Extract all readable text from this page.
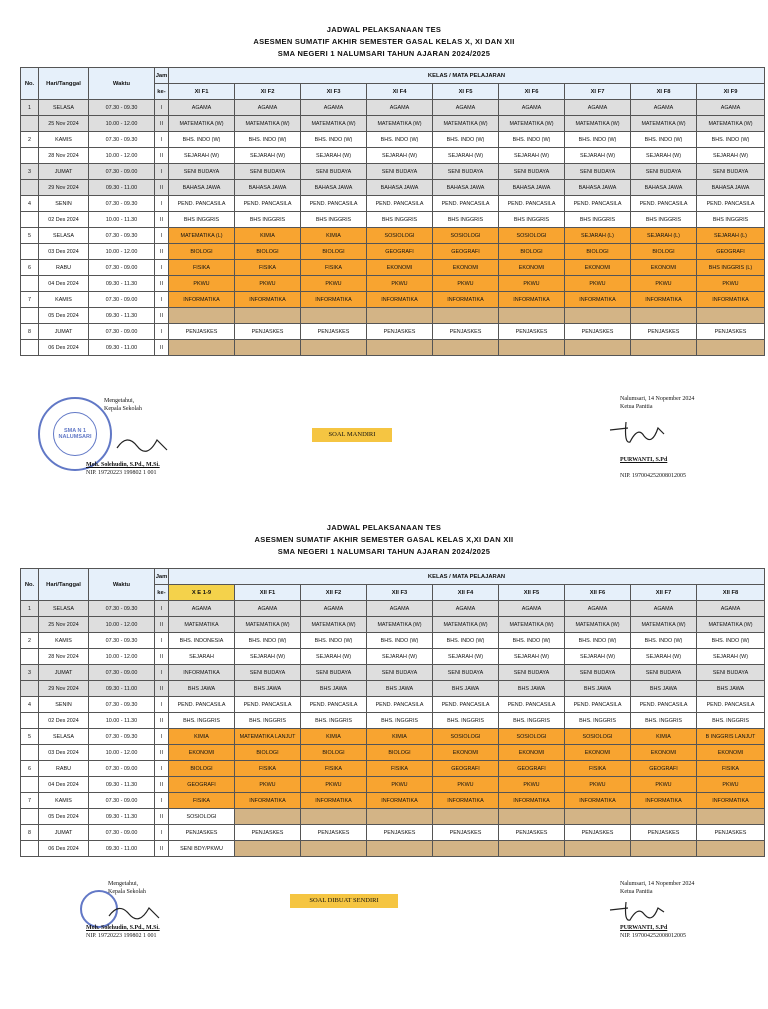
JADWAL PELAKSANAAN TES
ASESMEN SUMATIF AKHIR SEMESTER GASAL KELAS X, XI DAN XII
SMA NEGERI 1 NALUMSARI TAHUN AJARAN 2024/2025
No.	Hari/Tanggal	Waktu	Jam	KELAS / MATA PELAJARAN								
			ke-	XI F1	XI F2	XI F3	XI F4	XI F5	XI F6	XI F7	XI F8	XI F9
1	SELASA	07.30 - 09.30	I	AGAMA	AGAMA	AGAMA	AGAMA	AGAMA	AGAMA	AGAMA	AGAMA	AGAMA
	25 Nov 2024	10.00 - 12.00	II	MATEMATIKA (W)	MATEMATIKA (W)	MATEMATIKA (W)	MATEMATIKA (W)	MATEMATIKA (W)	MATEMATIKA (W)	MATEMATIKA (W)	MATEMATIKA (W)	MATEMATIKA (W)
2	KAMIS	07.30 - 09.30	I	BHS. INDO (W)	BHS. INDO (W)	BHS. INDO (W)	BHS. INDO (W)	BHS. INDO (W)	BHS. INDO (W)	BHS. INDO (W)	BHS. INDO (W)	BHS. INDO (W)
	28 Nov 2024	10.00 - 12.00	II	SEJARAH (W)	SEJARAH (W)	SEJARAH (W)	SEJARAH (W)	SEJARAH (W)	SEJARAH (W)	SEJARAH (W)	SEJARAH (W)	SEJARAH (W)
3	JUMAT	07.30 - 09.00	I	SENI BUDAYA	SENI BUDAYA	SENI BUDAYA	SENI BUDAYA	SENI BUDAYA	SENI BUDAYA	SENI BUDAYA	SENI BUDAYA	SENI BUDAYA
	29 Nov 2024	09.30 - 11.00	II	BAHASA JAWA	BAHASA JAWA	BAHASA JAWA	BAHASA JAWA	BAHASA JAWA	BAHASA JAWA	BAHASA JAWA	BAHASA JAWA	BAHASA JAWA
4	SENIN	07.30 - 09.30	I	PEND. PANCASILA	PEND. PANCASILA	PEND. PANCASILA	PEND. PANCASILA	PEND. PANCASILA	PEND. PANCASILA	PEND. PANCASILA	PEND. PANCASILA	PEND. PANCASILA
	02 Des 2024	10.00 - 11.30	II	BHS INGGRIS	BHS INGGRIS	BHS INGGRIS	BHS INGGRIS	BHS INGGRIS	BHS INGGRIS	BHS INGGRIS	BHS INGGRIS	BHS INGGRIS
5	SELASA	07.30 - 09.30	I	MATEMATIKA (L)	KIMIA	KIMIA	SOSIOLOGI	SOSIOLOGI	SOSIOLOGI	SEJARAH (L)	SEJARAH (L)	SEJARAH (L)
	03 Des 2024	10.00 - 12.00	II	BIOLOGI	BIOLOGI	BIOLOGI	GEOGRAFI	GEOGRAFI	BIOLOGI	BIOLOGI	BIOLOGI	GEOGRAFI
6	RABU	07.30 - 09.00	I	FISIKA	FISIKA	FISIKA	EKONOMI	EKONOMI	EKONOMI	EKONOMI	EKONOMI	BHS INGGRIS (L)
	04 Des 2024	09.30 - 11.30	II	PKWU	PKWU	PKWU	PKWU	PKWU	PKWU	PKWU	PKWU	PKWU
7	KAMIS	07.30 - 09.00	I	INFORMATIKA	INFORMATIKA	INFORMATIKA	INFORMATIKA	INFORMATIKA	INFORMATIKA	INFORMATIKA	INFORMATIKA	INFORMATIKA
	05 Des 2024	09.30 - 11.30	II									
8	JUMAT	07.30 - 09.00	I	PENJASKES	PENJASKES	PENJASKES	PENJASKES	PENJASKES	PENJASKES	PENJASKES	PENJASKES	PENJASKES
	06 Des 2024	09.30 - 11.00	II									
SMA N 1 NALUMSARI
Mengetahui,
Kepala Sekolah
Moh. Solehudin, S.Pd., M.Si.
NIP. 19720223 199802 1 001
SOAL MANDIRI
Nalumsari, 14 Nopember 2024
Ketua Panitia
PURWANTI, S.Pd
NIP. 197004252008012005
JADWAL PELAKSANAAN TES
ASESMEN SUMATIF AKHIR SEMESTER GASAL KELAS X,XI DAN XII
SMA NEGERI 1 NALUMSARI TAHUN AJARAN 2024/2025
No.	Hari/Tanggal	Waktu	Jam	KELAS / MATA PELAJARAN								
			ke-	X E 1-9	XII F1	XII F2	XII F3	XII F4	XII F5	XII F6	XII F7	XII F8
1	SELASA	07.30 - 09.30	I	AGAMA	AGAMA	AGAMA	AGAMA	AGAMA	AGAMA	AGAMA	AGAMA	AGAMA
	25 Nov 2024	10.00 - 12.00	II	MATEMATIKA	MATEMATIKA (W)	MATEMATIKA (W)	MATEMATIKA (W)	MATEMATIKA (W)	MATEMATIKA (W)	MATEMATIKA (W)	MATEMATIKA (W)	MATEMATIKA (W)
2	KAMIS	07.30 - 09.30	I	BHS. INDONESIA	BHS. INDO (W)	BHS. INDO (W)	BHS. INDO (W)	BHS. INDO (W)	BHS. INDO (W)	BHS. INDO (W)	BHS. INDO (W)	BHS. INDO (W)
	28 Nov 2024	10.00 - 12.00	II	SEJARAH	SEJARAH (W)	SEJARAH (W)	SEJARAH (W)	SEJARAH (W)	SEJARAH (W)	SEJARAH (W)	SEJARAH (W)	SEJARAH (W)
3	JUMAT	07.30 - 09.00	I	INFORMATIKA	SENI BUDAYA	SENI BUDAYA	SENI BUDAYA	SENI BUDAYA	SENI BUDAYA	SENI BUDAYA	SENI BUDAYA	SENI BUDAYA
	29 Nov 2024	09.30 - 11.00	II	BHS JAWA	BHS JAWA	BHS JAWA	BHS JAWA	BHS JAWA	BHS JAWA	BHS JAWA	BHS JAWA	BHS JAWA
4	SENIN	07.30 - 09.30	I	PEND. PANCASILA	PEND. PANCASILA	PEND. PANCASILA	PEND. PANCASILA	PEND. PANCASILA	PEND. PANCASILA	PEND. PANCASILA	PEND. PANCASILA	PEND. PANCASILA
	02 Des 2024	10.00 - 11.30	II	BHS. INGGRIS	BHS. INGGRIS	BHS. INGGRIS	BHS. INGGRIS	BHS. INGGRIS	BHS. INGGRIS	BHS. INGGRIS	BHS. INGGRIS	BHS. INGGRIS
5	SELASA	07.30 - 09.30	I	KIMIA	MATEMATIKA LANJUT	KIMIA	KIMIA	SOSIOLOGI	SOSIOLOGI	SOSIOLOGI	KIMIA	B INGGRIS LANJUT
	03 Des 2024	10.00 - 12.00	II	EKONOMI	BIOLOGI	BIOLOGI	BIOLOGI	EKONOMI	EKONOMI	EKONOMI	EKONOMI	EKONOMI
6	RABU	07.30 - 09.00	I	BIOLOGI	FISIKA	FISIKA	FISIKA	GEOGRAFI	GEOGRAFI	FISIKA	GEOGRAFI	FISIKA
	04 Des 2024	09.30 - 11.30	II	GEOGRAFI	PKWU	PKWU	PKWU	PKWU	PKWU	PKWU	PKWU	PKWU
7	KAMIS	07.30 - 09.00	I	FISIKA	INFORMATIKA	INFORMATIKA	INFORMATIKA	INFORMATIKA	INFORMATIKA	INFORMATIKA	INFORMATIKA	INFORMATIKA
	05 Des 2024	09.30 - 11.30	II	SOSIOLOGI								
8	JUMAT	07.30 - 09.00	I	PENJASKES	PENJASKES	PENJASKES	PENJASKES	PENJASKES	PENJASKES	PENJASKES	PENJASKES	PENJASKES
	06 Des 2024	09.30 - 11.00	II	SENI BDY/PKWU								
Mengetahui,
Kepala Sekolah
Moh. Solehudin, S.Pd., M.Si.
NIP. 19720223 199802 1 001
SOAL DIBUAT SENDIRI
Nalumsari, 14 Nopember 2024
Ketua Panitia
PURWANTI, S.Pd
NIP. 197004252008012005
